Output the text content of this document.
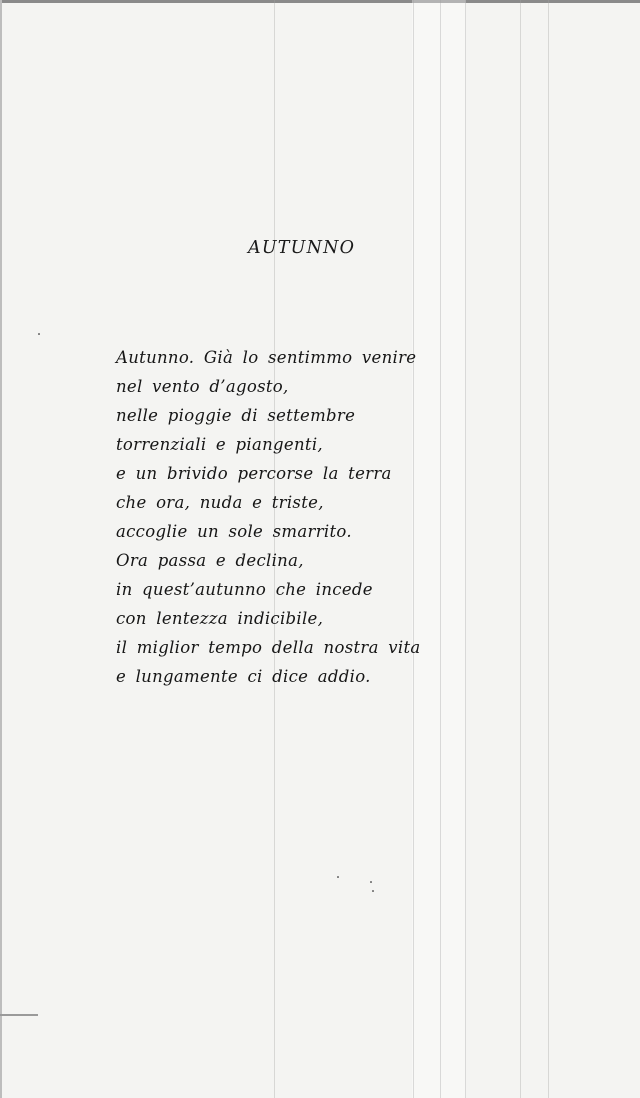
AUTUNNO
Autunno. Già lo sentimmo venire
nel vento d’agosto,
nelle pioggie di settembre
torrenziali e piangenti,
e un brivido percorse la terra
che ora, nuda e triste,
accoglie un sole smarrito.
Ora passa e declina,
in quest’autunno che incede
con lentezza indicibile,
il miglior tempo della nostra vita
e lungamente ci dice addio.
